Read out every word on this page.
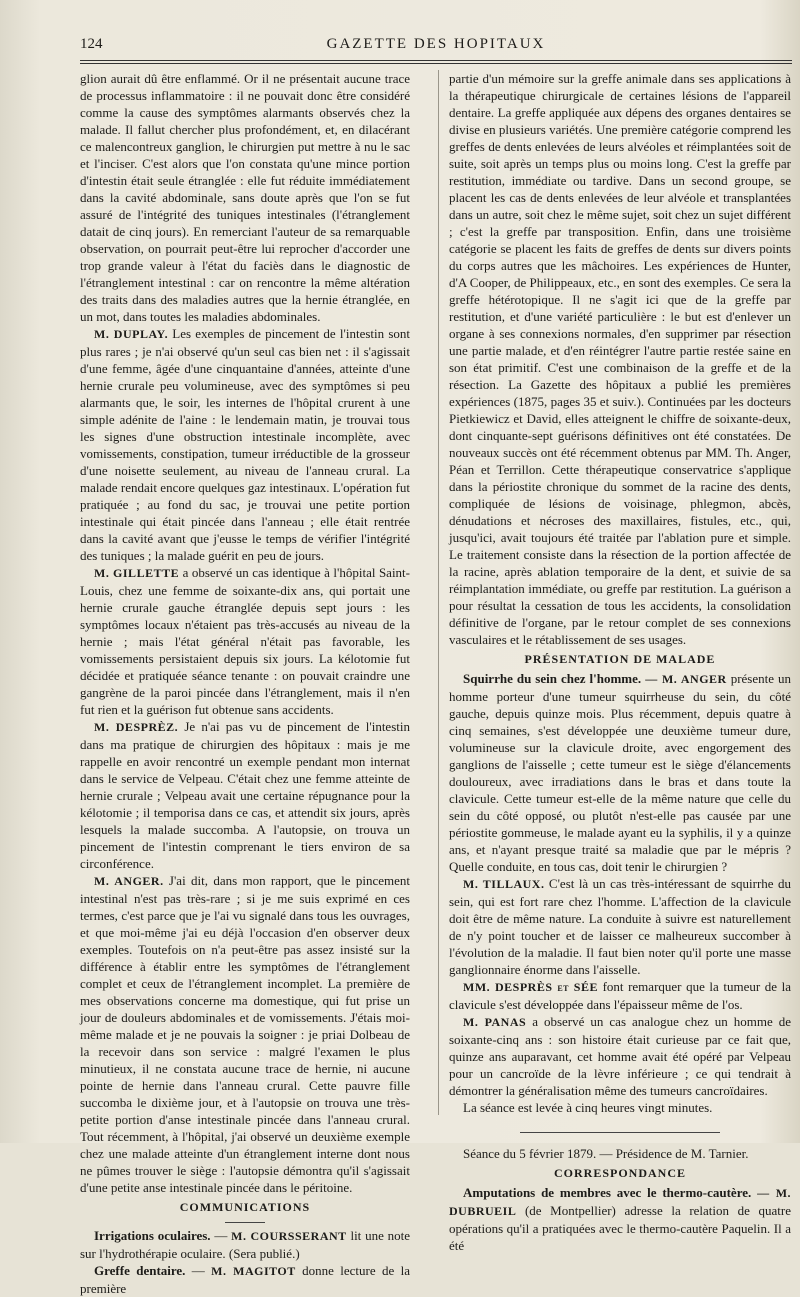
124	GAZETTE DES HOPITAUX

glion aurait dû être enflammé. Or il ne présentait aucune trace de processus inflammatoire : il ne pouvait donc être considéré comme la cause des symptômes alarmants observés chez la malade. Il fallut chercher plus profondément, et, en dilacérant ce malencontreux ganglion, le chirurgien put mettre à nu le sac et l'inciser. C'est alors que l'on constata qu'une mince portion d'intestin était seule étranglée : elle fut réduite immédiatement dans la cavité abdominale, sans doute après que l'on se fut assuré de l'intégrité des tuniques intestinales (l'étranglement datait de cinq jours). En remerciant l'auteur de sa remarquable observation, on pourrait peut-être lui reprocher d'accorder une trop grande valeur à l'état du faciès dans le diagnostic de l'étranglement intestinal : car on rencontre la même altération des traits dans des maladies autres que la hernie étranglée, en un mot, dans toutes les maladies abdominales.

M. DUPLAY. Les exemples de pincement de l'intestin sont plus rares ; je n'ai observé qu'un seul cas bien net : il s'agissait d'une femme, âgée d'une cinquantaine d'années, atteinte d'une hernie crurale peu volumineuse, avec des symptômes si peu alarmants que, le soir, les internes de l'hôpital crurent à une simple adénite de l'aine : le lendemain matin, je trouvai tous les signes d'une obstruction intestinale incomplète, avec vomissements, constipation, tumeur irréductible de la grosseur d'une noisette seulement, au niveau de l'anneau crural. La malade rendait encore quelques gaz intestinaux. L'opération fut pratiquée ; au fond du sac, je trouvai une petite portion intestinale qui était pincée dans l'anneau ; elle était rentrée dans la cavité avant que j'eusse le temps de vérifier l'intégrité des tuniques ; la malade guérit en peu de jours.

M. GILLETTE a observé un cas identique à l'hôpital Saint-Louis, chez une femme de soixante-dix ans, qui portait une hernie crurale gauche étranglée depuis sept jours : les symptômes locaux n'étaient pas très-accusés au niveau de la hernie ; mais l'état général n'était pas favorable, les vomissements persistaient depuis six jours. La kélotomie fut décidée et pratiquée séance tenante : on pouvait craindre une gangrène de la paroi pincée dans l'étranglement, mais il n'en fut rien et la guérison fut obtenue sans accidents.

M. DESPRÈZ. Je n'ai pas vu de pincement de l'intestin dans ma pratique de chirurgien des hôpitaux : mais je me rappelle en avoir rencontré un exemple pendant mon internat dans le service de Velpeau. C'était chez une femme atteinte de hernie crurale ; Velpeau avait une certaine répugnance pour la kélotomie ; il temporisa dans ce cas, et attendit six jours, après lesquels la malade succomba. A l'autopsie, on trouva un pincement de l'intestin comprenant le tiers environ de sa circonférence.

M. ANGER. J'ai dit, dans mon rapport, que le pincement intestinal n'est pas très-rare ; si je me suis exprimé en ces termes, c'est parce que je l'ai vu signalé dans tous les ouvrages, et que moi-même j'ai eu déjà l'occasion d'en observer deux exemples. Toutefois on n'a peut-être pas assez insisté sur la différence à établir entre les symptômes de l'étranglement complet et ceux de l'étranglement incomplet. La première de mes observations concerne ma domestique, qui fut prise un jour de douleurs abdominales et de vomissements. J'étais moi-même malade et je ne pouvais la soigner : je priai Dolbeau de la recevoir dans son service : malgré l'examen le plus minutieux, il ne constata aucune trace de hernie, ni aucune pointe de hernie dans l'anneau crural. Cette pauvre fille succomba le dixième jour, et à l'autopsie on trouva une très-petite portion d'anse intestinale pincée dans l'anneau crural. Tout récemment, à l'hôpital, j'ai observé un deuxième exemple chez une malade atteinte d'un étranglement interne dont nous ne pûmes trouver le siège : l'autopsie démontra qu'il s'agissait d'une petite anse intestinale pincée dans le péritoine.

COMMUNICATIONS

Irrigations oculaires. — M. COURSSERANT lit une note sur l'hydrothérapie oculaire. (Sera publié.)

Greffe dentaire. — M. MAGITOT donne lecture de la première

partie d'un mémoire sur la greffe animale dans ses applications à la thérapeutique chirurgicale de certaines lésions de l'appareil dentaire. La greffe appliquée aux dépens des organes dentaires se divise en plusieurs variétés. Une première catégorie comprend les greffes de dents enlevées de leurs alvéoles et réimplantées soit de suite, soit après un temps plus ou moins long. C'est la greffe par restitution, immédiate ou tardive. Dans un second groupe, se placent les cas de dents enlevées de leur alvéole et transplantées dans un autre, soit chez le même sujet, soit chez un sujet différent ; c'est la greffe par transposition. Enfin, dans une troisième catégorie se placent les faits de greffes de dents sur divers points du corps autres que les mâchoires. Les expériences de Hunter, d'A Cooper, de Philippeaux, etc., en sont des exemples. Ce sera la greffe hétérotopique. Il ne s'agit ici que de la greffe par restitution, et d'une variété particulière : le but est d'enlever un organe à ses connexions normales, d'en supprimer par résection une partie malade, et d'en réintégrer l'autre partie restée saine en son état primitif. C'est une combinaison de la greffe et de la résection. La Gazette des hôpitaux a publié les premières expériences (1875, pages 35 et suiv.). Continuées par les docteurs Pietkiewicz et David, elles atteignent le chiffre de soixante-deux, dont cinquante-sept guérisons définitives ont été constatées. De nouveaux succès ont été récemment obtenus par MM. Th. Anger, Péan et Terrillon. Cette thérapeutique conservatrice s'applique dans la périostite chronique du sommet de la racine des dents, compliquée de lésions de voisinage, phlegmon, abcès, dénudations et nécroses des maxillaires, fistules, etc., qui, jusqu'ici, avait toujours été traitée par l'ablation pure et simple. Le traitement consiste dans la résection de la portion affectée de la racine, après ablation temporaire de la dent, et suivie de sa réimplantation immédiate, ou greffe par restitution. La guérison a pour résultat la cessation de tous les accidents, la consolidation définitive de l'organe, par le retour complet de ses connexions vasculaires et le rétablissement de ses usages.

PRÉSENTATION DE MALADE

Squirrhe du sein chez l'homme. — M. ANGER présente un homme porteur d'une tumeur squirrheuse du sein, du côté gauche, depuis quinze mois. Plus récemment, depuis quatre à cinq semaines, s'est développée une deuxième tumeur dure, volumineuse sur la clavicule droite, avec engorgement des ganglions de l'aisselle ; cette tumeur est le siège d'élancements douloureux, avec irradiations dans le bras et dans toute la clavicule. Cette tumeur est-elle de la même nature que celle du sein du côté opposé, ou plutôt n'est-elle pas causée par une périostite gommeuse, le malade ayant eu la syphilis, il y a quinze ans, et n'ayant presque traité sa maladie que par le mépris ? Quelle conduite, en tous cas, doit tenir le chirurgien ?

M. TILLAUX. C'est là un cas très-intéressant de squirrhe du sein, qui est fort rare chez l'homme. L'affection de la clavicule doit être de même nature. La conduite à suivre est naturellement de n'y point toucher et de laisser ce malheureux succomber à l'évolution de la maladie. Il faut bien noter qu'il porte une masse ganglionnaire énorme dans l'aisselle.

MM. DESPRÈS et SÉE font remarquer que la tumeur de la clavicule s'est développée dans l'épaisseur même de l'os.

M. PANAS a observé un cas analogue chez un homme de soixante-cinq ans : son histoire était curieuse par ce fait que, quinze ans auparavant, cet homme avait été opéré par Velpeau pour un cancroïde de la lèvre inférieure ; ce qui tendrait à démontrer la généralisation même des tumeurs cancroïdaires.

La séance est levée à cinq heures vingt minutes.

Séance du 5 février 1879. — Présidence de M. Tarnier.

CORRESPONDANCE

Amputations de membres avec le thermo-cautère. — M. DUBRUEIL (de Montpellier) adresse la relation de quatre opérations qu'il a pratiquées avec le thermo-cautère Paquelin. Il a été
